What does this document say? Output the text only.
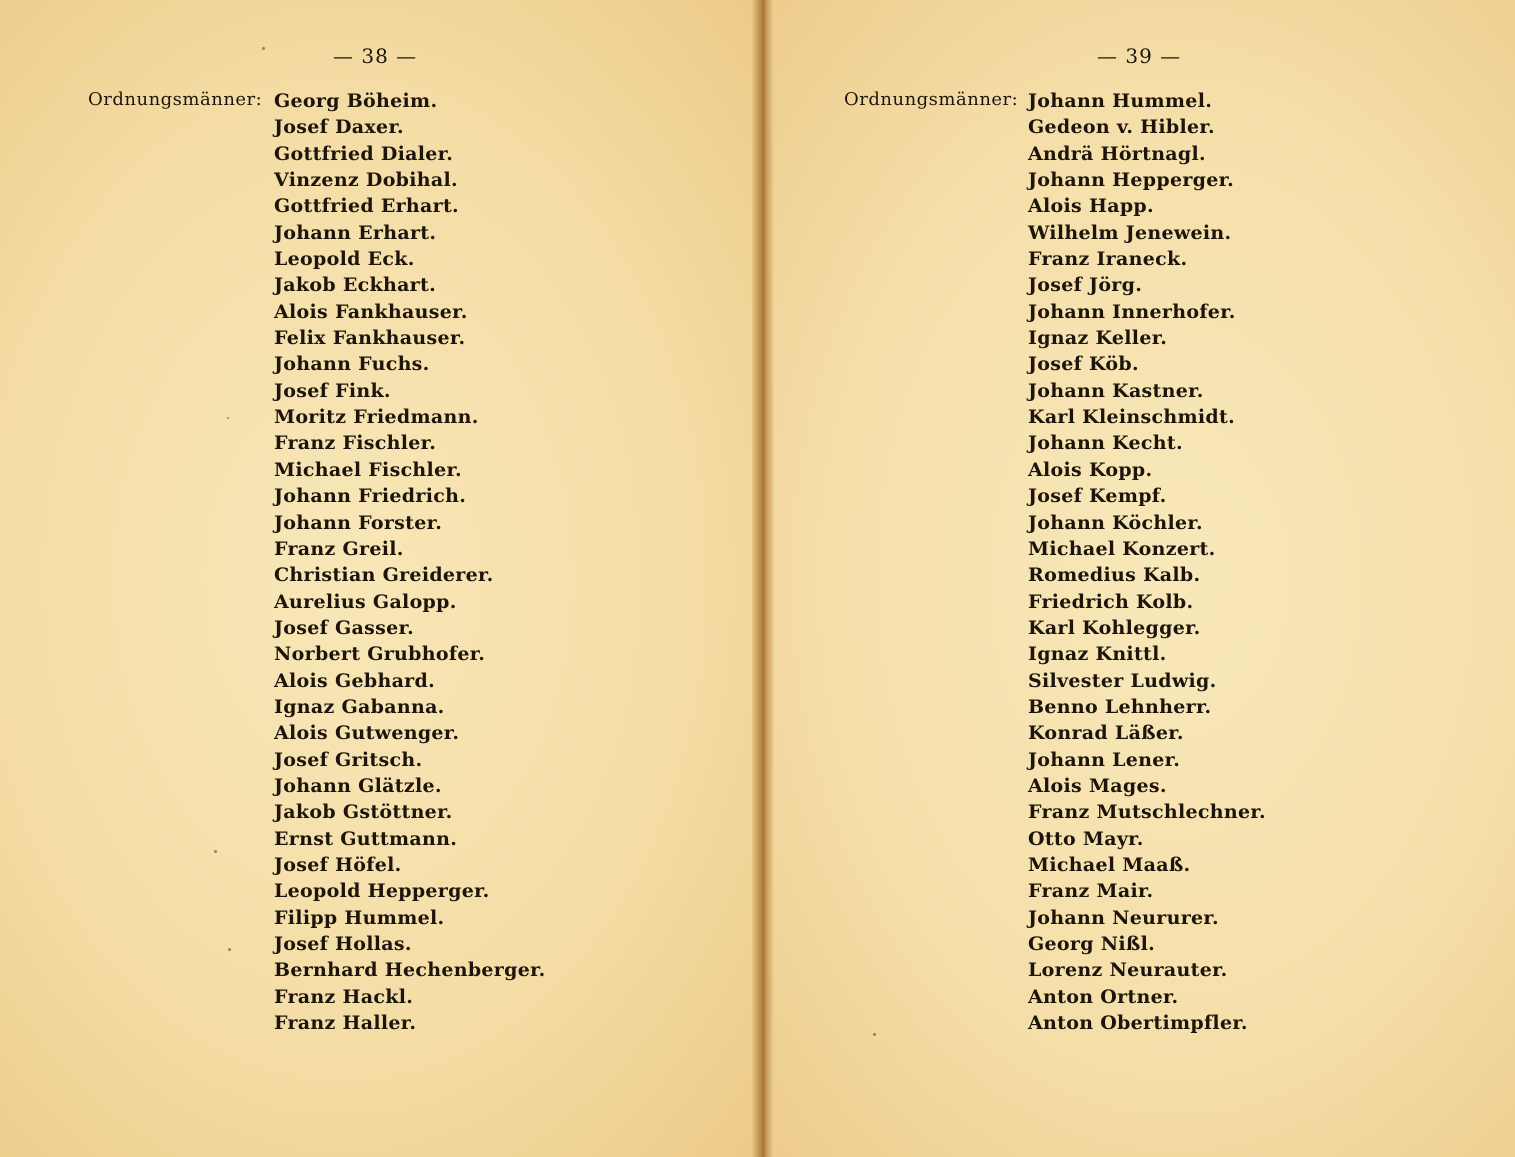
— 38 —
Ordnungsmänner: Georg Böheim.
Josef Daxer.
Gottfried Dialer.
Vinzenz Dobihal.
Gottfried Erhart.
Johann Erhart.
Leopold Eck.
Jakob Eckhart.
Alois Fankhauser.
Felix Fankhauser.
Johann Fuchs.
Josef Fink.
Moritz Friedmann.
Franz Fischler.
Michael Fischler.
Johann Friedrich.
Johann Forster.
Franz Greil.
Christian Greiderer.
Aurelius Galopp.
Josef Gasser.
Norbert Grubhofer.
Alois Gebhard.
Ignaz Gabanna.
Alois Gutwenger.
Josef Gritsch.
Johann Glätzle.
Jakob Gstöttner.
Ernst Guttmann.
Josef Höfel.
Leopold Hepperger.
Filipp Hummel.
Josef Hollas.
Bernhard Hechenberger.
Franz Hackl.
Franz Haller.
— 39 —
Ordnungsmänner: Johann Hummel.
Gedeon v. Hibler.
Andrä Hörtnagl.
Johann Hepperger.
Alois Happ.
Wilhelm Jenewein.
Franz Iraneck.
Josef Jörg.
Johann Innerhofer.
Ignaz Keller.
Josef Köb.
Johann Kastner.
Karl Kleinschmidt.
Johann Kecht.
Alois Kopp.
Josef Kempf.
Johann Köchler.
Michael Konzert.
Romedius Kalb.
Friedrich Kolb.
Karl Kohlegger.
Ignaz Knittl.
Silvester Ludwig.
Benno Lehnherr.
Konrad Läßer.
Johann Lener.
Alois Mages.
Franz Mutschlechner.
Otto Mayr.
Michael Maaß.
Franz Mair.
Johann Neururer.
Georg Nißl.
Lorenz Neurauter.
Anton Ortner.
Anton Obertimpfler.
